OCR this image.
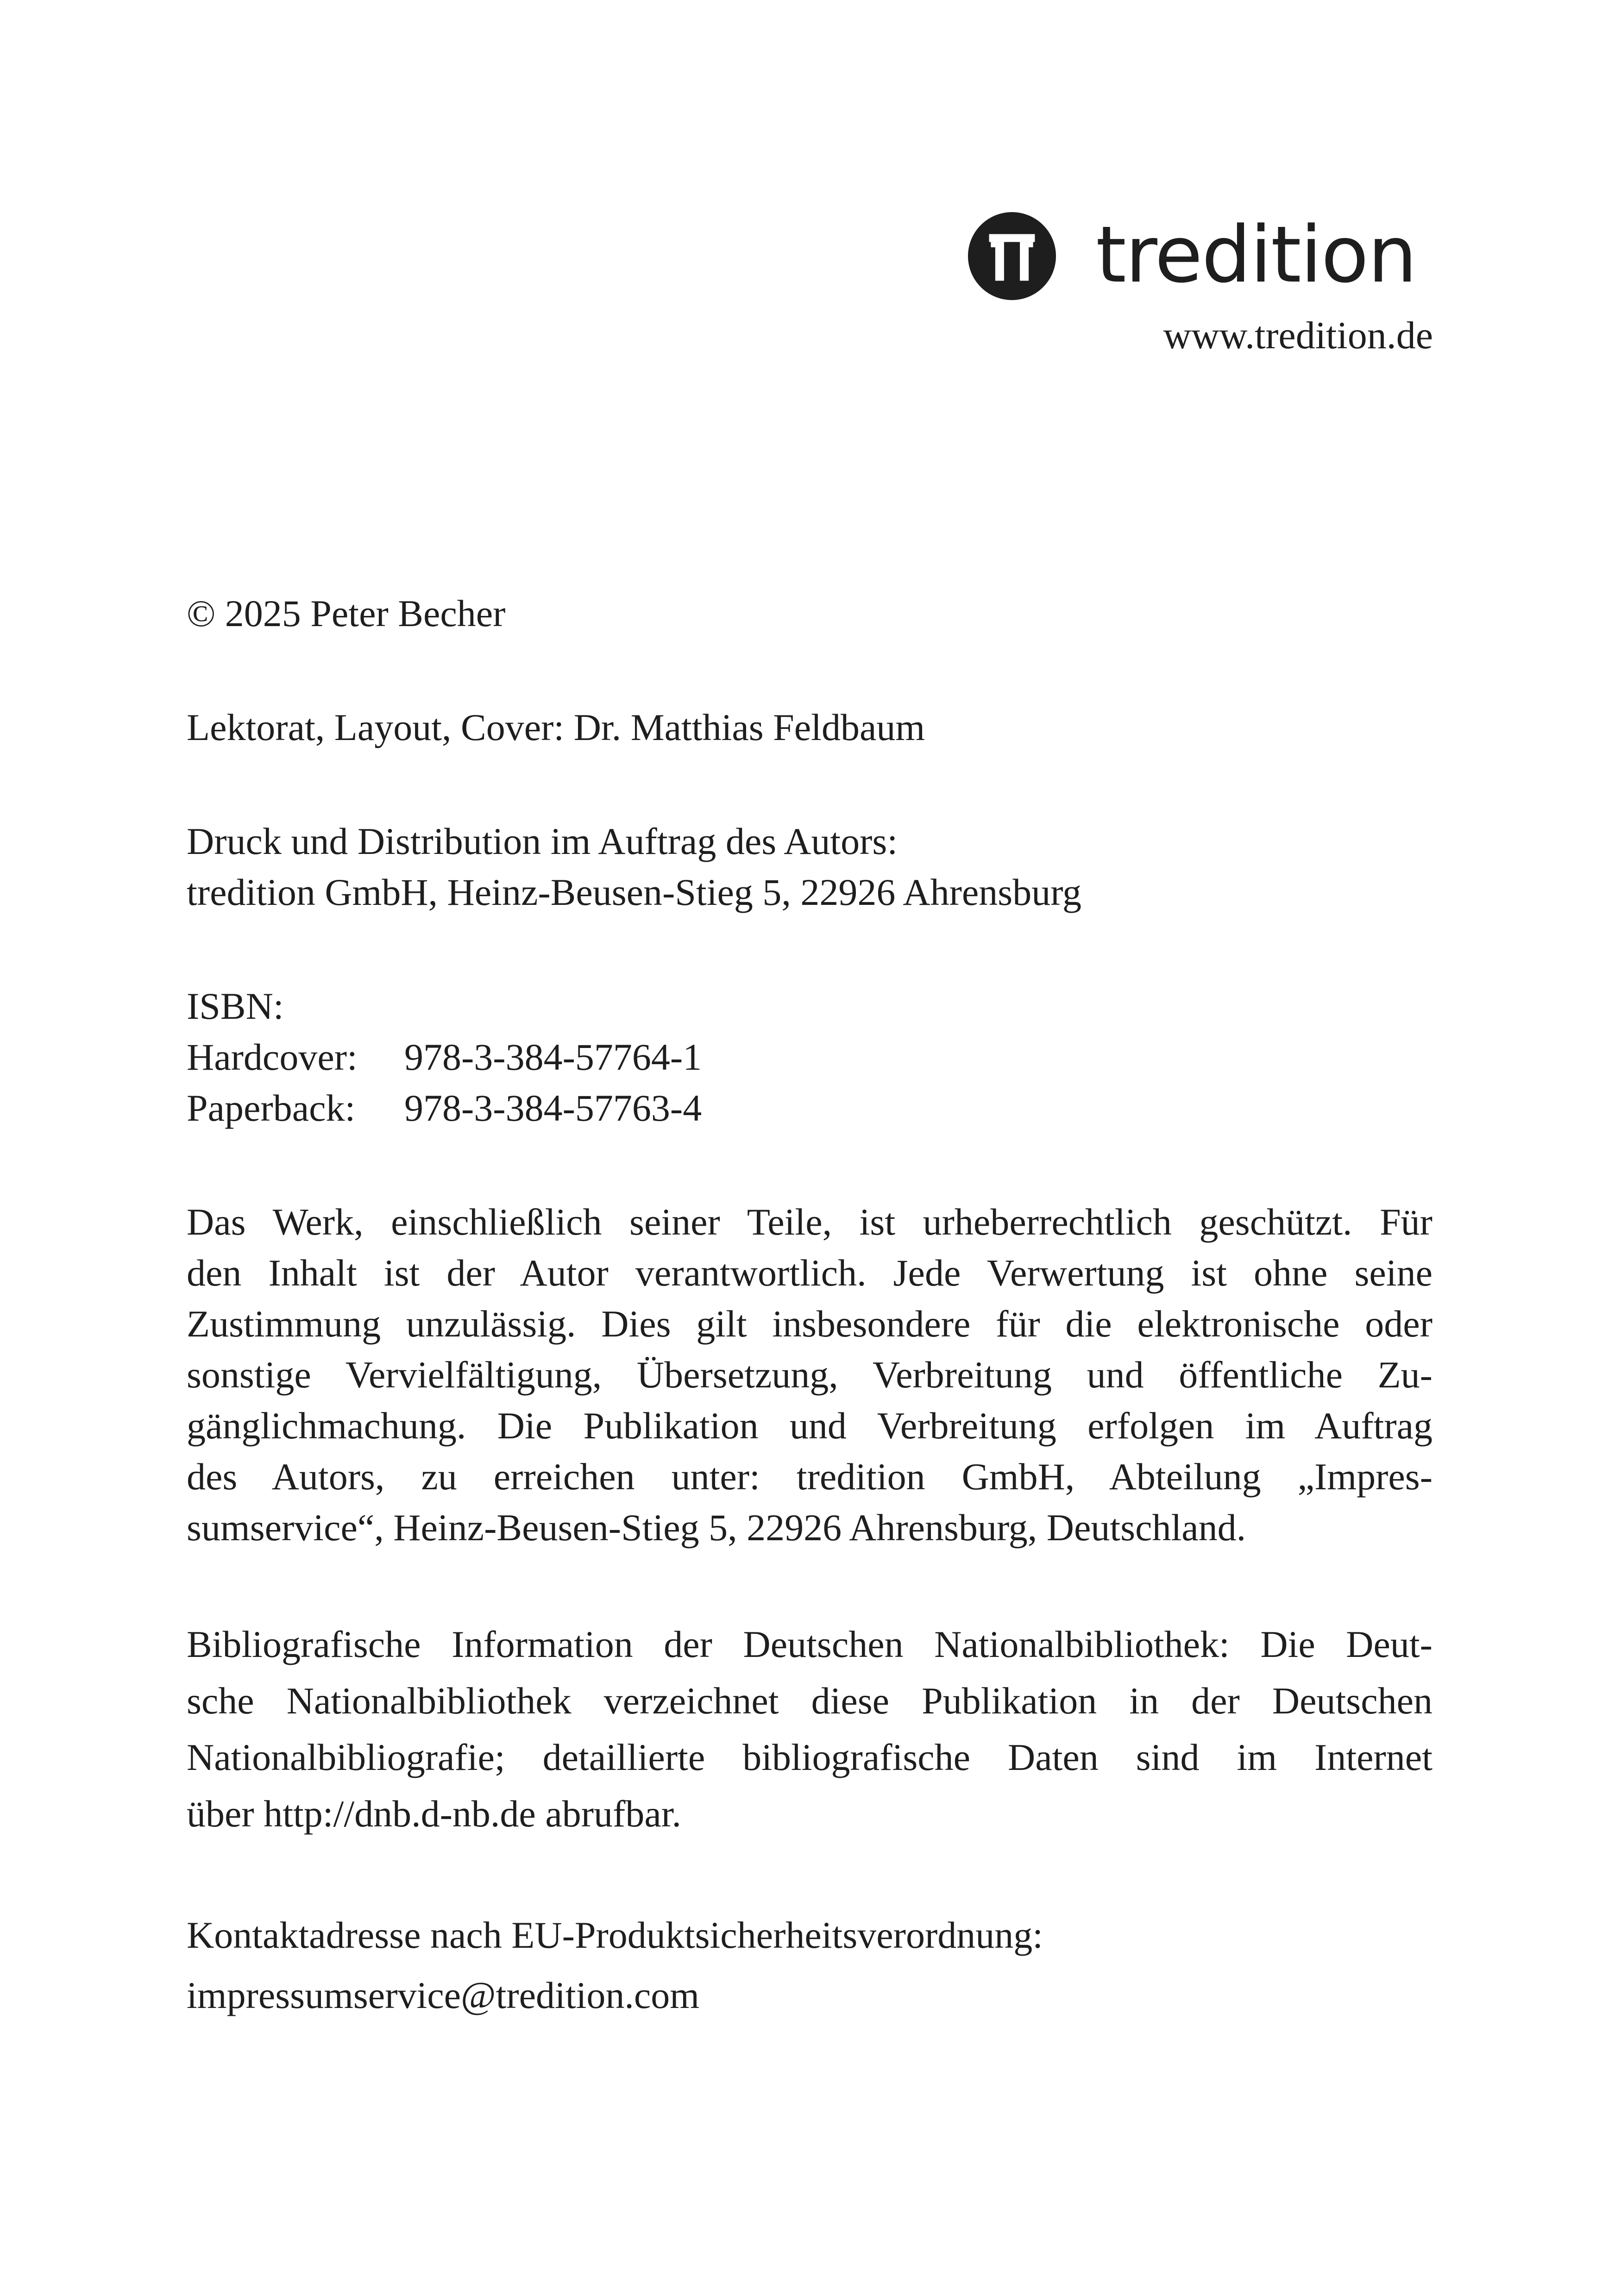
tredition
www.tredition.de

© 2025 Peter Becher

Lektorat, Layout, Cover: Dr. Matthias Feldbaum

Druck und Distribution im Auftrag des Autors:
tredition GmbH, Heinz-Beusen-Stieg 5, 22926 Ahrensburg
ISBN:
Hardcover:	978-3-384-57764-1
Paperback:	978-3-384-57763-4
Das Werk, einschließlich seiner Teile, ist urheberrechtlich geschützt. Für
den Inhalt ist der Autor verantwortlich. Jede Verwertung ist ohne seine
Zustimmung unzulässig. Dies gilt insbesondere für die elektronische oder
sonstige Vervielfältigung, Übersetzung, Verbreitung und öffentliche Zu-
gänglichmachung. Die Publikation und Verbreitung erfolgen im Auftrag
des Autors, zu erreichen unter: tredition GmbH, Abteilung „Impres-
sumservice“, Heinz-Beusen-Stieg 5, 22926 Ahrensburg, Deutschland.
Bibliografische Information der Deutschen Nationalbibliothek: Die Deut-
sche Nationalbibliothek verzeichnet diese Publikation in der Deutschen
Nationalbibliografie; detaillierte bibliografische Daten sind im Internet
über http://dnb.d-nb.de abrufbar.
Kontaktadresse nach EU-Produktsicherheitsverordnung:
impressumservice@tredition.com
